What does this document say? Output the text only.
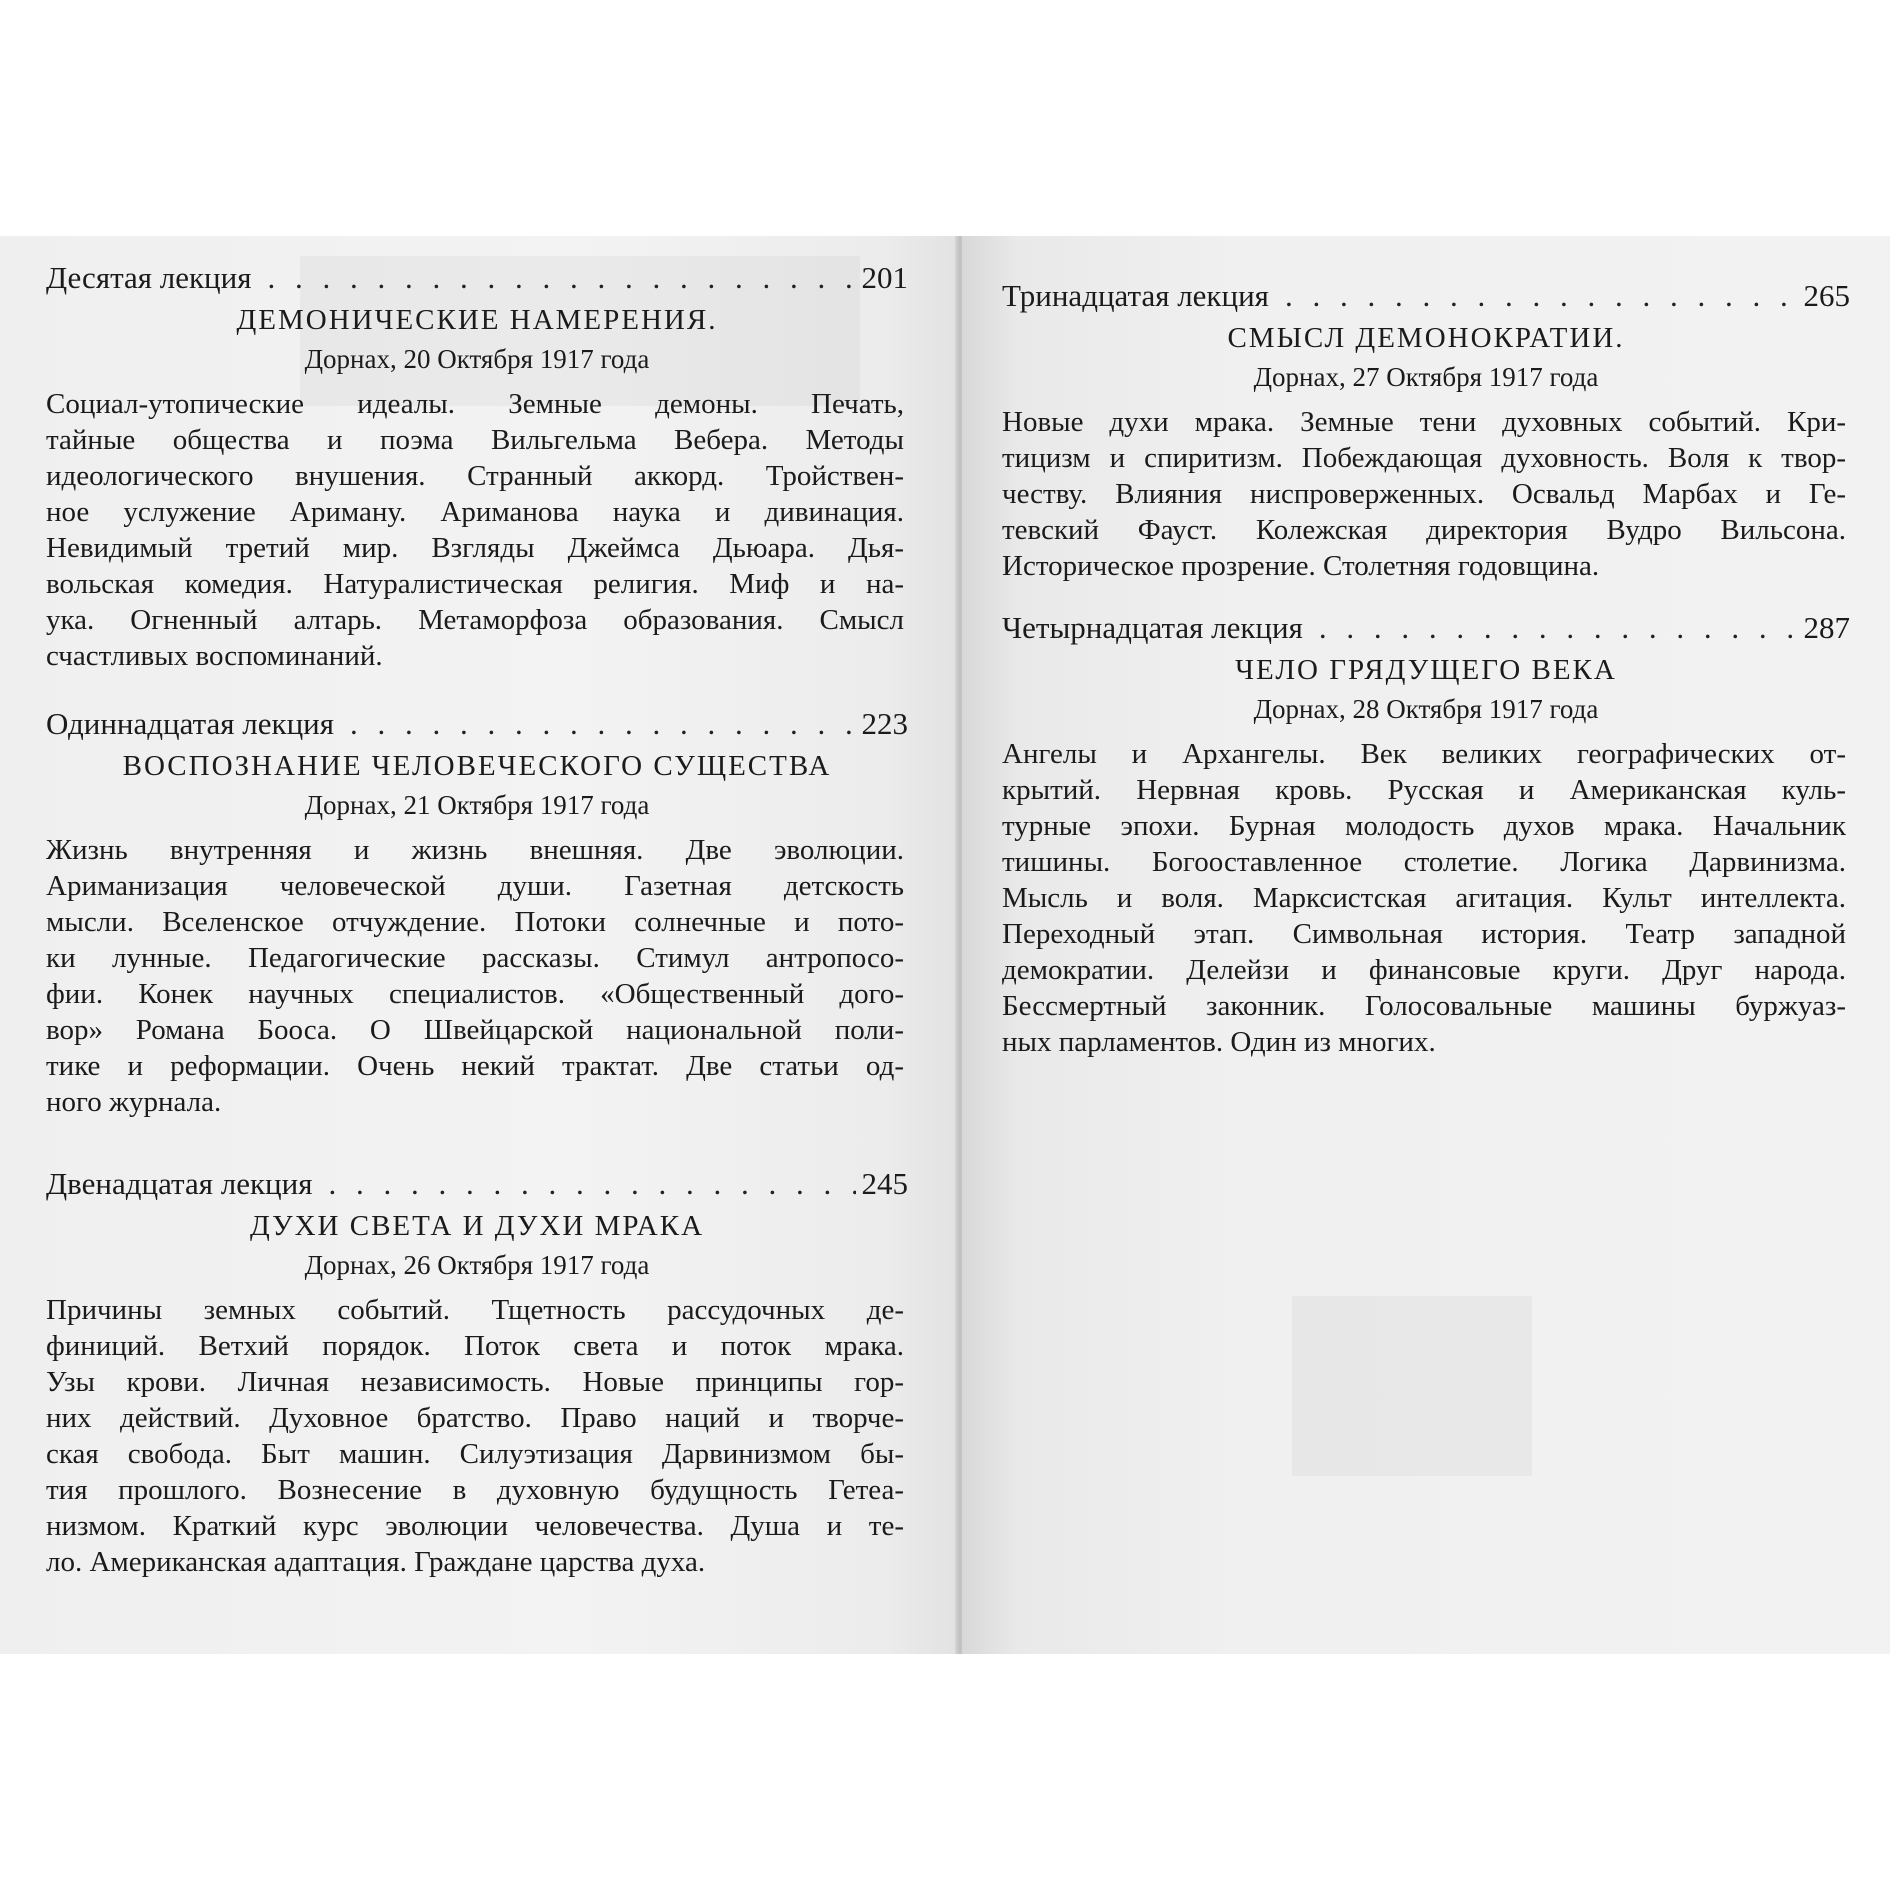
Десятая лекция . . .	201
ДЕМОНИЧЕСКИЕ НАМЕРЕНИЯ.
Дорнах, 20 Октября 1917 года
Социал-утопические идеалы. Земные демоны. Печать,
тайные общества и поэма Вильгельма Вебера. Методы
идеологического внушения. Странный аккорд. Тройствен-
ное услужение Ариману. Ариманова наука и дивинация.
Невидимый третий мир. Взгляды Джеймса Дьюара. Дья-
вольская комедия. Натуралистическая религия. Миф и на-
ука. Огненный алтарь. Метаморфоза образования. Смысл
счастливых воспоминаний.
Одиннадцатая лекция . . .	223
ВОСПОЗНАНИЕ ЧЕЛОВЕЧЕСКОГО СУЩЕСТВА
Дорнах, 21 Октября 1917 года
Жизнь внутренняя и жизнь внешняя. Две эволюции.
Ариманизация человеческой души. Газетная детскость
мысли. Вселенское отчуждение. Потоки солнечные и пото-
ки лунные. Педагогические рассказы. Стимул антропосо-
фии. Конек научных специалистов. «Общественный дого-
вор» Романа Бооса. О Швейцарской национальной поли-
тике и реформации. Очень некий трактат. Две статьи од-
ного журнала.
Двенадцатая лекция . . .	245
ДУХИ СВЕТА И ДУХИ МРАКА
Дорнах, 26 Октября 1917 года
Причины земных событий. Тщетность рассудочных де-
финиций. Ветхий порядок. Поток света и поток мрака.
Узы крови. Личная независимость. Новые принципы гор-
них действий. Духовное братство. Право наций и творче-
ская свобода. Быт машин. Силуэтизация Дарвинизмом бы-
тия прошлого. Вознесение в духовную будущность Гетеа-
низмом. Краткий курс эволюции человечества. Душа и те-
ло. Американская адаптация. Граждане царства духа.
Тринадцатая лекция . . .	265
СМЫСЛ ДЕМОНОКРАТИИ.
Дорнах, 27 Октября 1917 года
Новые духи мрака. Земные тени духовных событий. Кри-
тицизм и спиритизм. Побеждающая духовность. Воля к твор-
честву. Влияния ниспроверженных. Освальд Марбах и Ге-
тевский Фауст. Колежская директория Вудро Вильсона.
Историческое прозрение. Столетняя годовщина.
Четырнадцатая лекция . . .	287
ЧЕЛО ГРЯДУЩЕГО ВЕКА
Дорнах, 28 Октября 1917 года
Ангелы и Архангелы. Век великих географических от-
крытий. Нервная кровь. Русская и Американская куль-
турные эпохи. Бурная молодость духов мрака. Начальник
тишины. Богооставленное столетие. Логика Дарвинизма.
Мысль и воля. Марксистская агитация. Культ интеллекта.
Переходный этап. Символьная история. Театр западной
демократии. Делейзи и финансовые круги. Друг народа.
Бессмертный законник. Голосовальные машины буржуаз-
ных парламентов. Один из многих.
